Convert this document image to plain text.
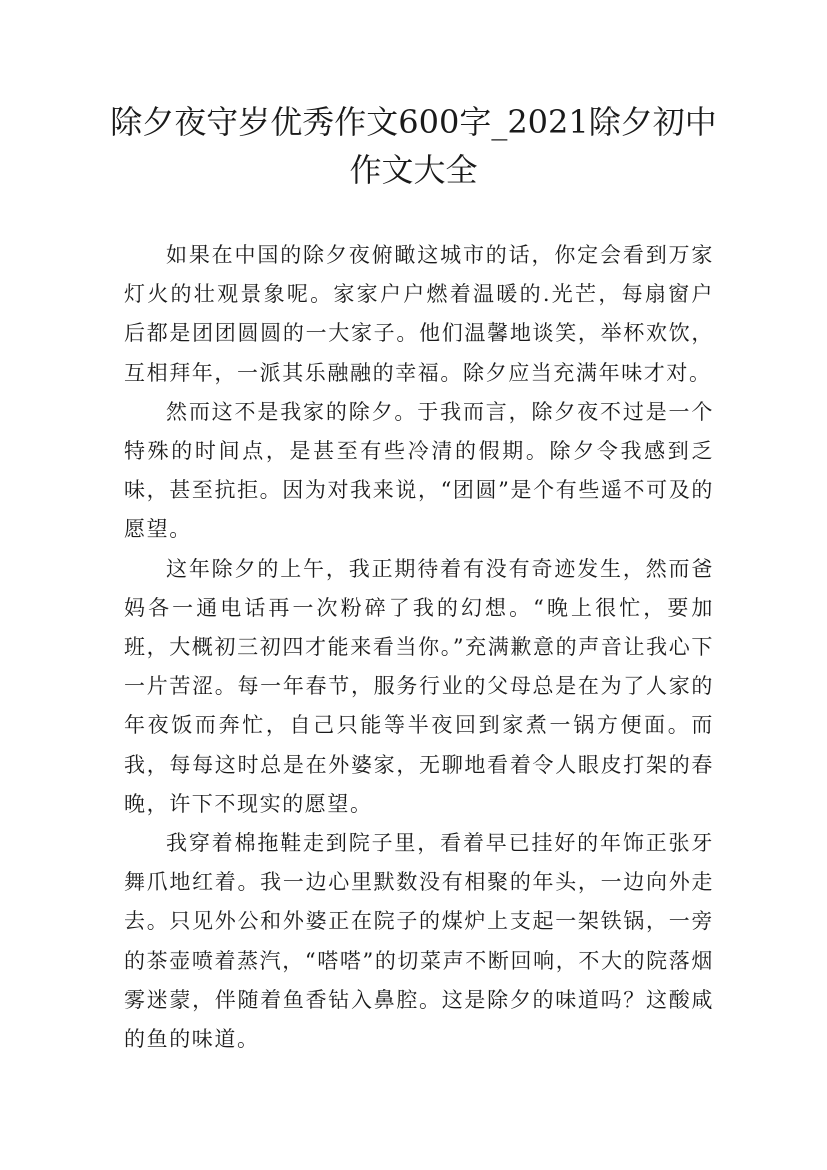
除夕夜守岁优秀作文600字_2021除夕初中作文大全

如果在中国的除夕夜俯瞰这城市的话，你定会看到万家灯火的壮观景象呢。家家户户燃着温暖的.光芒，每扇窗户后都是团团圆圆的一大家子。他们温馨地谈笑，举杯欢饮，互相拜年，一派其乐融融的幸福。除夕应当充满年味才对。

然而这不是我家的除夕。于我而言，除夕夜不过是一个特殊的时间点，是甚至有些冷清的假期。除夕令我感到乏味，甚至抗拒。因为对我来说，“团圆”是个有些遥不可及的愿望。

这年除夕的上午，我正期待着有没有奇迹发生，然而爸妈各一通电话再一次粉碎了我的幻想。“晚上很忙，要加班，大概初三初四才能来看当你。”充满歉意的声音让我心下一片苦涩。每一年春节，服务行业的父母总是在为了人家的年夜饭而奔忙，自己只能等半夜回到家煮一锅方便面。而我，每每这时总是在外婆家，无聊地看着令人眼皮打架的春晚，许下不现实的愿望。

我穿着棉拖鞋走到院子里，看着早已挂好的年饰正张牙舞爪地红着。我一边心里默数没有相聚的年头，一边向外走去。只见外公和外婆正在院子的煤炉上支起一架铁锅，一旁的茶壶喷着蒸汽，“嗒嗒”的切菜声不断回响，不大的院落烟雾迷蒙，伴随着鱼香钻入鼻腔。这是除夕的味道吗？这酸咸的鱼的味道。
